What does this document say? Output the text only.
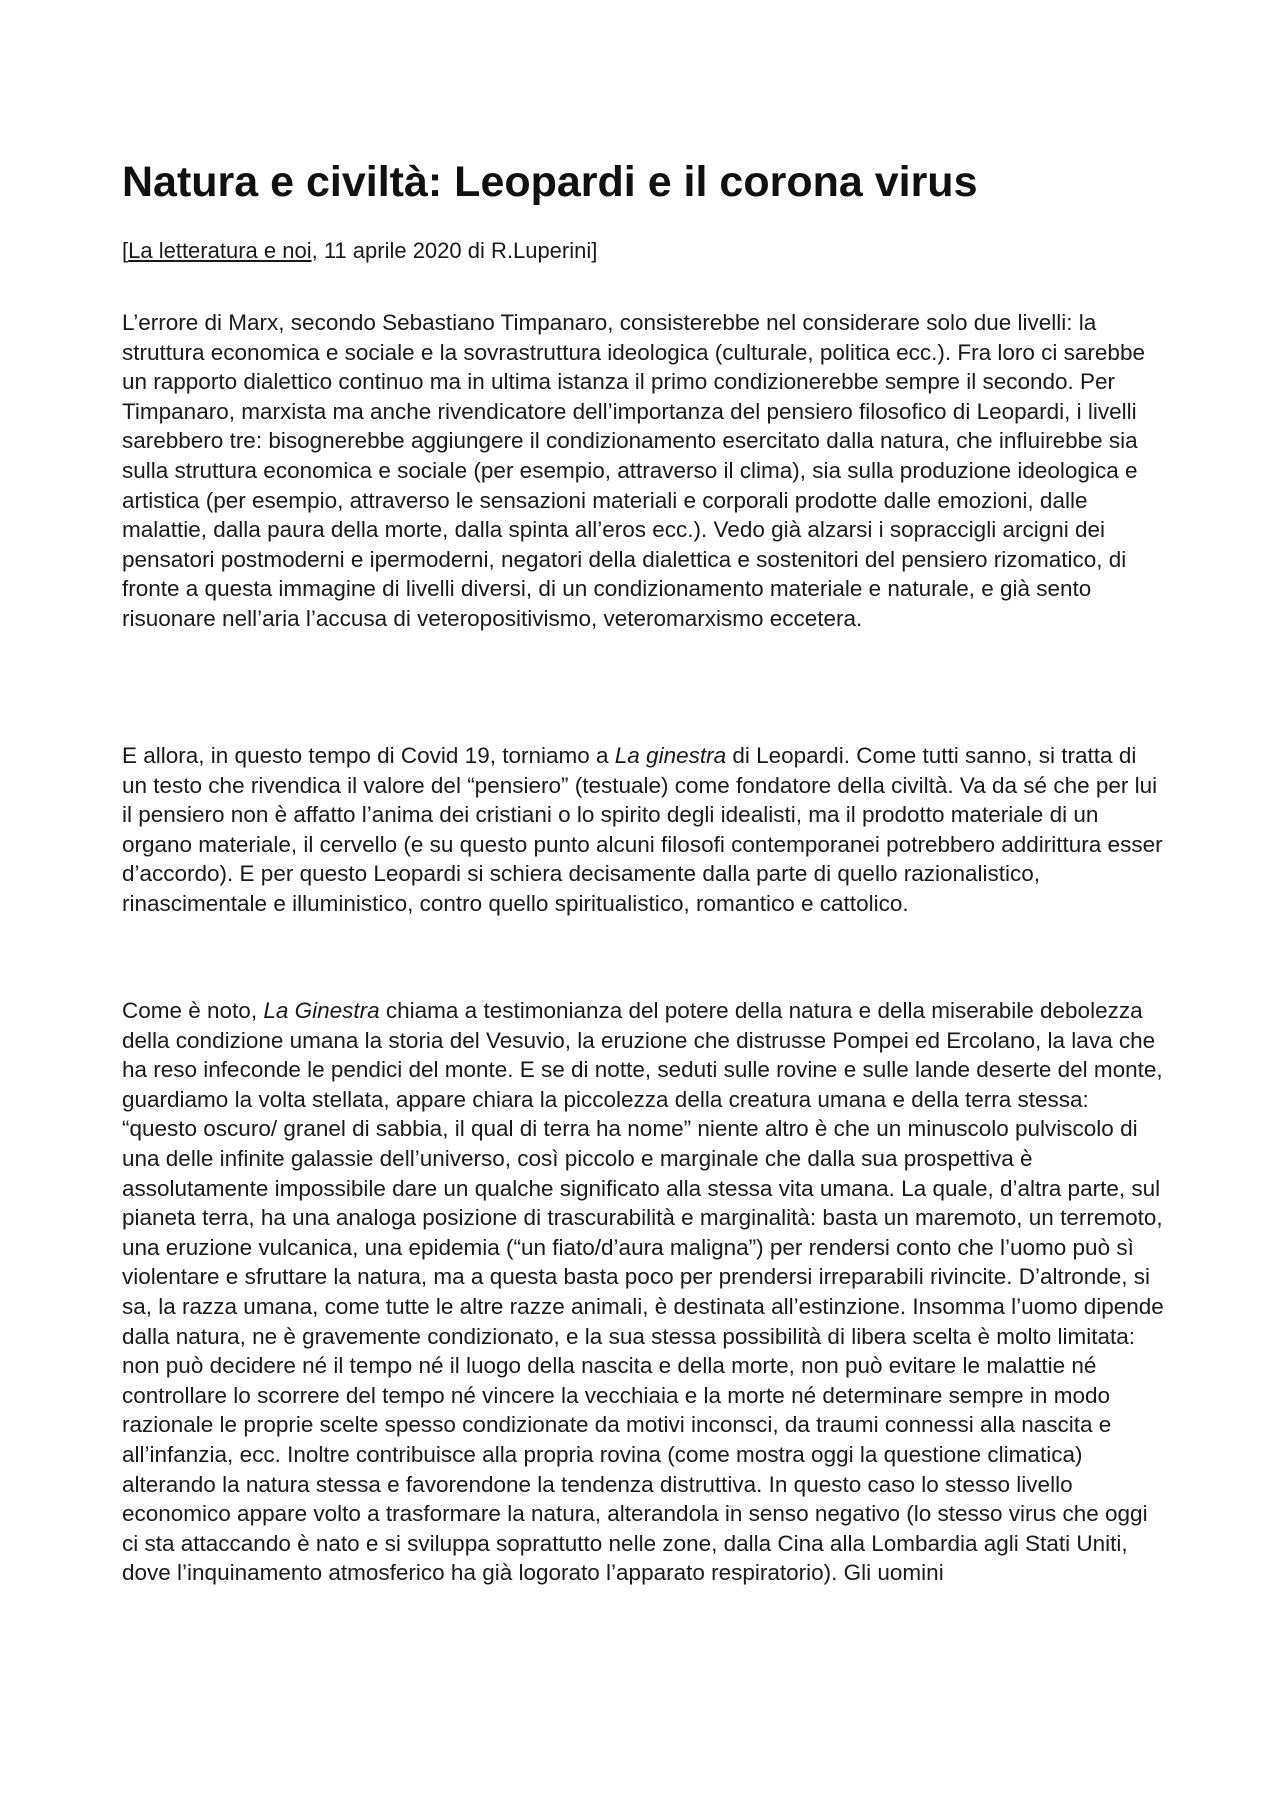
Natura e civiltà: Leopardi e il corona virus

[La letteratura e noi, 11 aprile 2020 di R.Luperini]

L’errore di Marx, secondo Sebastiano Timpanaro, consisterebbe nel considerare solo due livelli: la struttura economica e sociale e la sovrastruttura ideologica (culturale, politica ecc.). Fra loro ci sarebbe un rapporto dialettico continuo ma in ultima istanza il primo condizionerebbe sempre il secondo. Per Timpanaro, marxista ma anche rivendicatore dell’importanza del pensiero filosofico di Leopardi, i livelli sarebbero tre: bisognerebbe aggiungere il condizionamento esercitato dalla natura, che influirebbe sia sulla struttura economica e sociale (per esempio, attraverso il clima), sia sulla produzione ideologica e artistica (per esempio, attraverso le sensazioni materiali e corporali prodotte dalle emozioni, dalle malattie, dalla paura della morte, dalla spinta all’eros ecc.). Vedo già alzarsi i sopraccigli arcigni dei pensatori postmoderni e ipermoderni, negatori della dialettica e sostenitori del pensiero rizomatico, di fronte a questa immagine di livelli diversi, di un condizionamento materiale e naturale, e già sento risuonare nell’aria l’accusa di veteropositivismo, veteromarxismo eccetera.

E allora, in questo tempo di Covid 19, torniamo a La ginestra di Leopardi. Come tutti sanno, si tratta di un testo che rivendica il valore del “pensiero” (testuale) come fondatore della civiltà. Va da sé che per lui il pensiero non è affatto l’anima dei cristiani o lo spirito degli idealisti, ma il prodotto materiale di un organo materiale, il cervello (e su questo punto alcuni filosofi contemporanei potrebbero addirittura esser d’accordo). E per questo Leopardi si schiera decisamente dalla parte di quello razionalistico, rinascimentale e illuministico, contro quello spiritualistico, romantico e cattolico.

Come è noto, La Ginestra chiama a testimonianza del potere della natura e della miserabile debolezza della condizione umana la storia del Vesuvio, la eruzione che distrusse Pompei ed Ercolano, la lava che ha reso infeconde le pendici del monte. E se di notte, seduti sulle rovine e sulle lande deserte del monte, guardiamo la volta stellata, appare chiara la piccolezza della creatura umana e della terra stessa: “questo oscuro/ granel di sabbia, il qual di terra ha nome” niente altro è che un minuscolo pulviscolo di una delle infinite galassie dell’universo, così piccolo e marginale che dalla sua prospettiva è assolutamente impossibile dare un qualche significato alla stessa vita umana. La quale, d’altra parte, sul pianeta terra, ha una analoga posizione di trascurabilità e marginalità: basta un maremoto, un terremoto, una eruzione vulcanica, una epidemia (“un fiato/d’aura maligna”) per rendersi conto che l’uomo può sì violentare e sfruttare la natura, ma a questa basta poco per prendersi irreparabili rivincite. D’altronde, si sa, la razza umana, come tutte le altre razze animali, è destinata all’estinzione. Insomma l’uomo dipende dalla natura, ne è gravemente condizionato, e la sua stessa possibilità di libera scelta è molto limitata: non può decidere né il tempo né il luogo della nascita e della morte, non può evitare le malattie né controllare lo scorrere del tempo né vincere la vecchiaia e la morte né determinare sempre in modo razionale le proprie scelte spesso condizionate da motivi inconsci, da traumi connessi alla nascita e all’infanzia, ecc. Inoltre contribuisce alla propria rovina (come mostra oggi la questione climatica) alterando la natura stessa e favorendone la tendenza distruttiva. In questo caso lo stesso livello economico appare volto a trasformare la natura, alterandola in senso negativo (lo stesso virus che oggi ci sta attaccando è nato e si sviluppa soprattutto nelle zone, dalla Cina alla Lombardia agli Stati Uniti, dove l’inquinamento atmosferico ha già logorato l’apparato respiratorio). Gli uomini
